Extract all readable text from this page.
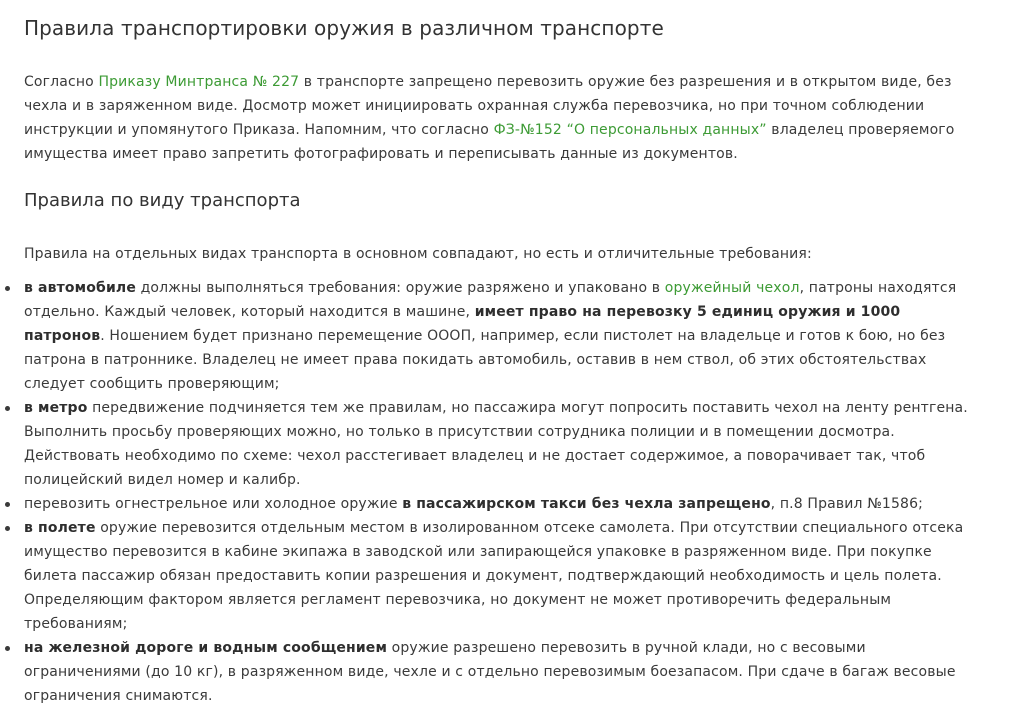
Правила транспортировки оружия в различном транспорте

Согласно Приказу Минтранса № 227 в транспорте запрещено перевозить оружие без разрешения и в открытом виде, без чехла и в заряженном виде. Досмотр может инициировать охранная служба перевозчика, но при точном соблюдении инструкции и упомянутого Приказа. Напомним, что согласно ФЗ-№152 “О персональных данных” владелец проверяемого имущества имеет право запретить фотографировать и переписывать данные из документов.

Правила по виду транспорта

Правила на отдельных видах транспорта в основном совпадают, но есть и отличительные требования:

в автомобиле должны выполняться требования: оружие разряжено и упаковано в оружейный чехол, патроны находятся отдельно. Каждый человек, который находится в машине, имеет право на перевозку 5 единиц оружия и 1000 патронов. Ношением будет признано перемещение ОООП, например, если пистолет на владельце и готов к бою, но без патрона в патроннике. Владелец не имеет права покидать автомобиль, оставив в нем ствол, об этих обстоятельствах следует сообщить проверяющим;
в метро передвижение подчиняется тем же правилам, но пассажира могут попросить поставить чехол на ленту рентгена. Выполнить просьбу проверяющих можно, но только в присутствии сотрудника полиции и в помещении досмотра. Действовать необходимо по схеме: чехол расстегивает владелец и не достает содержимое, а поворачивает так, чтоб полицейский видел номер и калибр.
перевозить огнестрельное или холодное оружие в пассажирском такси без чехла запрещено, п.8 Правил №1586;
в полете оружие перевозится отдельным местом в изолированном отсеке самолета. При отсутствии специального отсека имущество перевозится в кабине экипажа в заводской или запирающейся упаковке в разряженном виде. При покупке билета пассажир обязан предоставить копии разрешения и документ, подтверждающий необходимость и цель полета. Определяющим фактором является регламент перевозчика, но документ не может противоречить федеральным требованиям;
на железной дороге и водным сообщением оружие разрешено перевозить в ручной клади, но с весовыми ограничениями (до 10 кг), в разряженном виде, чехле и с отдельно перевозимым боезапасом. При сдаче в багаж весовые ограничения снимаются.
